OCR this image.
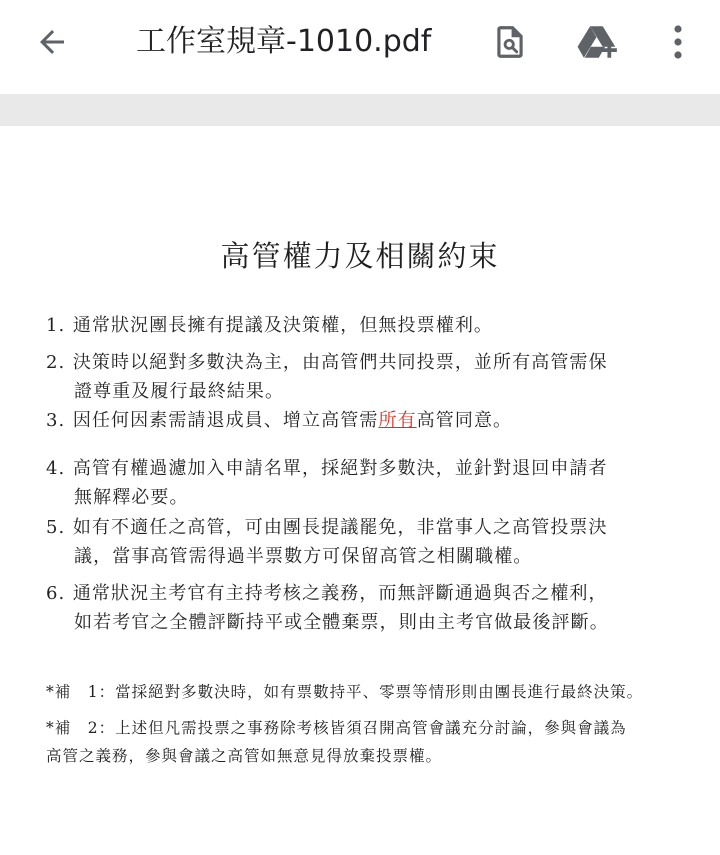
工作室規章-1010.pdf
高管權力及相關約束
1. 通常狀況團長擁有提議及決策權，但無投票權利。
2. 決策時以絕對多數決為主，由高管們共同投票，並所有高管需保
證尊重及履行最終結果。
3. 因任何因素需請退成員、增立高管需所有高管同意。
4. 高管有權過濾加入申請名單，採絕對多數決，並針對退回申請者
無解釋必要。
5. 如有不適任之高管，可由團長提議罷免，非當事人之高管投票決
議，當事高管需得過半票數方可保留高管之相關職權。
6. 通常狀況主考官有主持考核之義務，而無評斷通過與否之權利，
如若考官之全體評斷持平或全體棄票，則由主考官做最後評斷。
*補　1：當採絕對多數決時，如有票數持平、零票等情形則由團長進行最終決策。
*補　2：上述但凡需投票之事務除考核皆須召開高管會議充分討論，參與會議為
高管之義務，參與會議之高管如無意見得放棄投票權。
